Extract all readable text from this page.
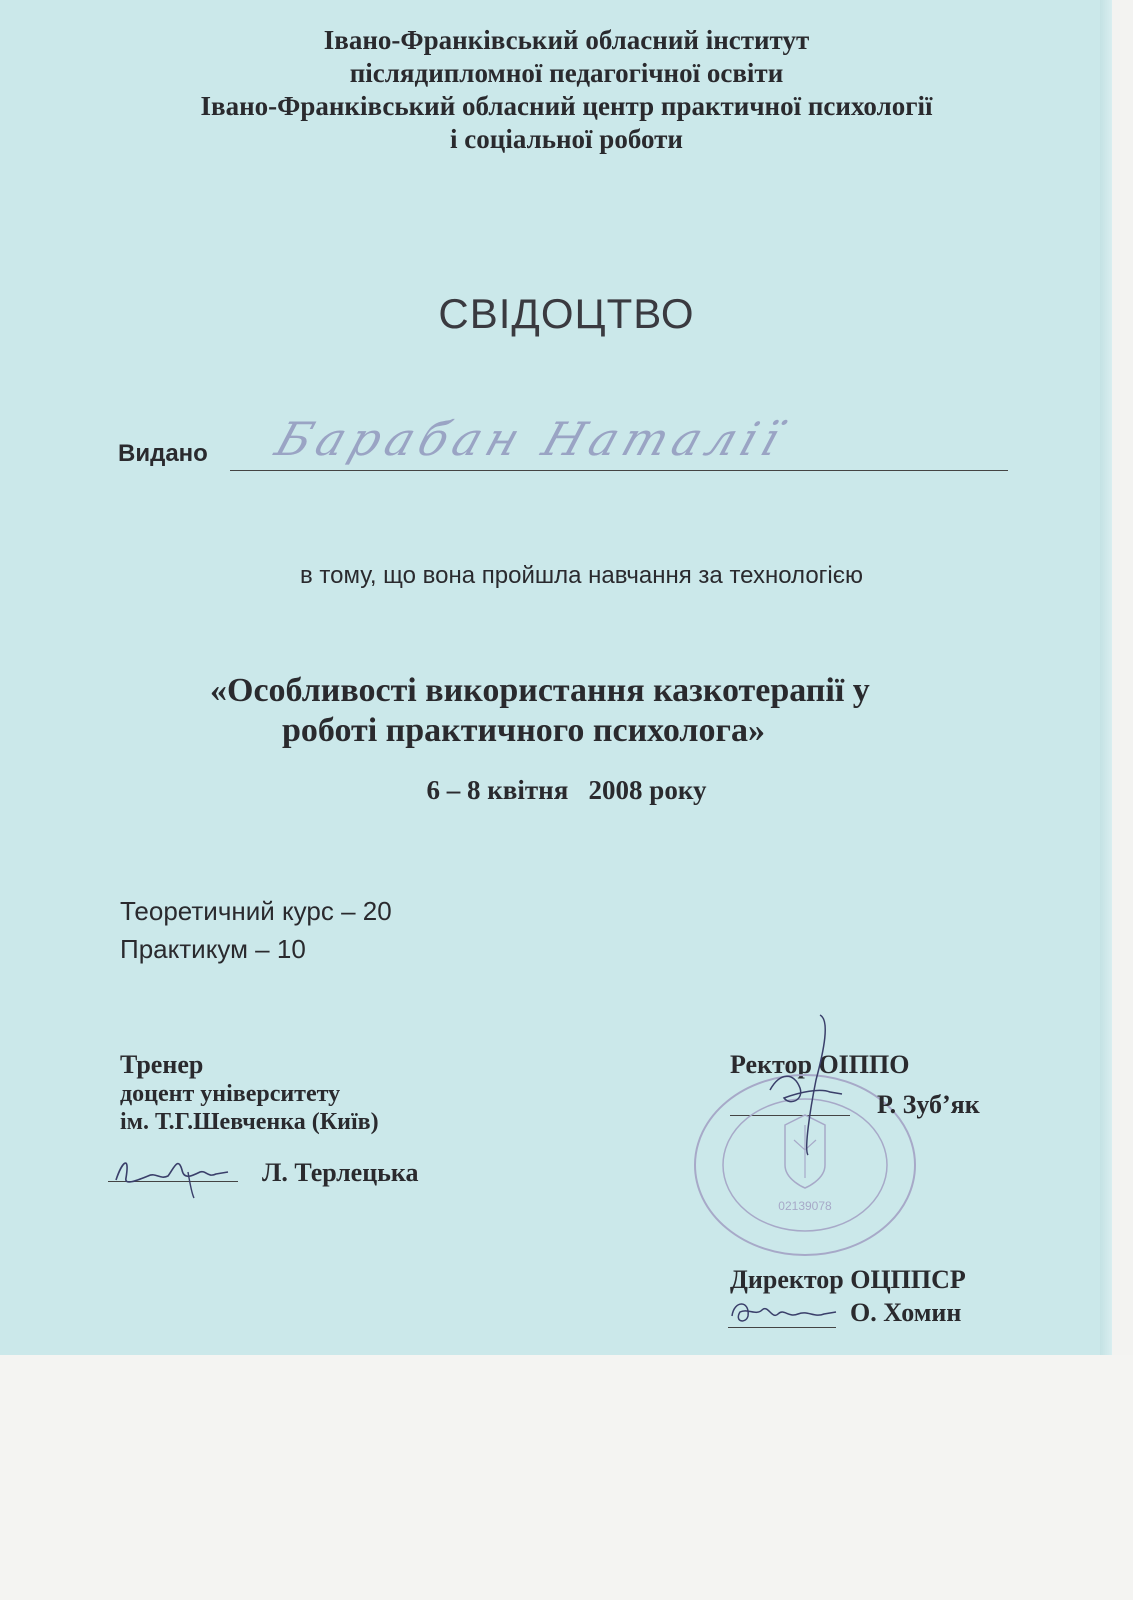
Івано-Франківський обласний інститут
післядипломної педагогічної освіти
Івано-Франківський обласний центр практичної психології
і соціальної роботи
СВІДОЦТВО
Видано Барабан Наталії
в тому, що вона пройшла навчання за технологією
«Особливості використання казкотерапії у
роботі практичного психолога»
6 – 8 квітня   2008 року
Теоретичний курс – 20
Практикум – 10
Тренер
доцент університету
ім. Т.Г.Шевченка (Київ)
Л. Терлецька
Ректор ОІППО
02139078
Р. Зуб’як
Директор ОЦППСР
О. Хомин
